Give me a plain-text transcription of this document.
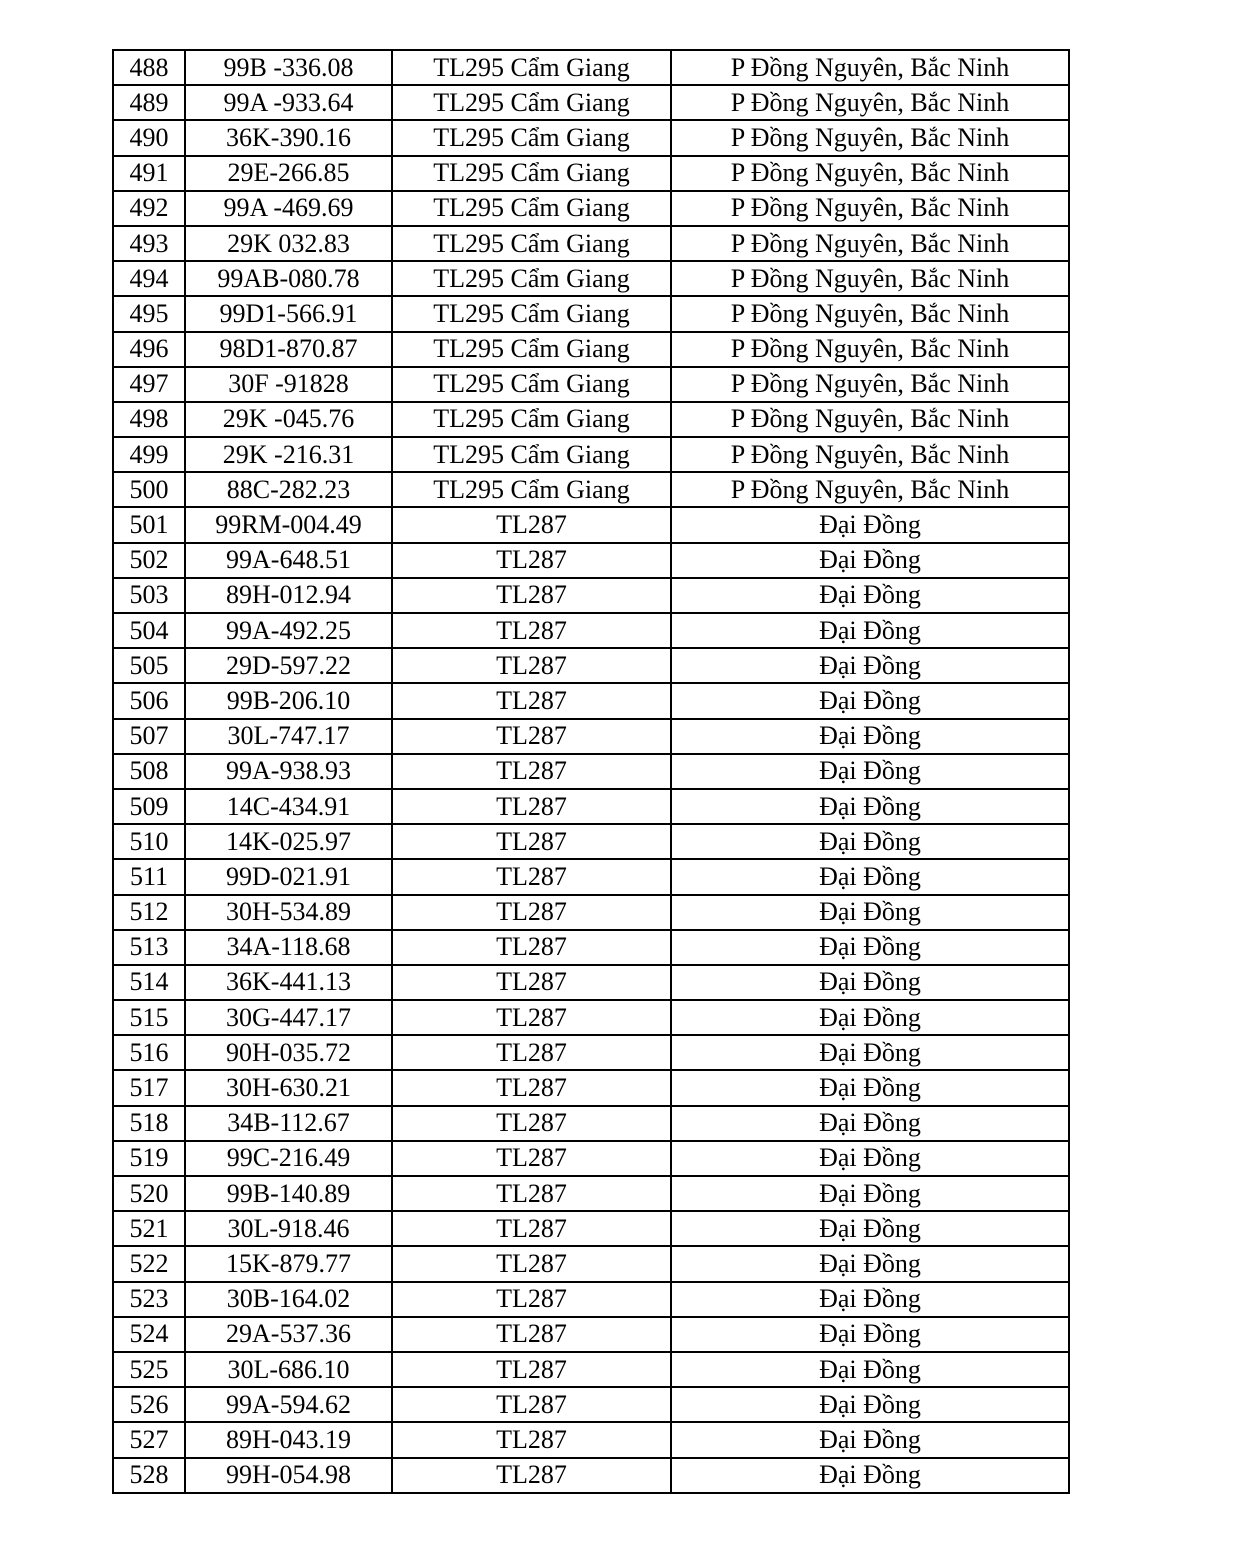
488	99B -336.08	TL295 Cẩm Giang	P Đồng Nguyên, Bắc Ninh
489	99A -933.64	TL295 Cẩm Giang	P Đồng Nguyên, Bắc Ninh
490	36K-390.16	TL295 Cẩm Giang	P Đồng Nguyên, Bắc Ninh
491	29E-266.85	TL295 Cẩm Giang	P Đồng Nguyên, Bắc Ninh
492	99A -469.69	TL295 Cẩm Giang	P Đồng Nguyên, Bắc Ninh
493	29K 032.83	TL295 Cẩm Giang	P Đồng Nguyên, Bắc Ninh
494	99AB-080.78	TL295 Cẩm Giang	P Đồng Nguyên, Bắc Ninh
495	99D1-566.91	TL295 Cẩm Giang	P Đồng Nguyên, Bắc Ninh
496	98D1-870.87	TL295 Cẩm Giang	P Đồng Nguyên, Bắc Ninh
497	30F -91828	TL295 Cẩm Giang	P Đồng Nguyên, Bắc Ninh
498	29K -045.76	TL295 Cẩm Giang	P Đồng Nguyên, Bắc Ninh
499	29K -216.31	TL295 Cẩm Giang	P Đồng Nguyên, Bắc Ninh
500	88C-282.23	TL295 Cẩm Giang	P Đồng Nguyên, Bắc Ninh
501	99RM-004.49	TL287	Đại Đồng
502	99A-648.51	TL287	Đại Đồng
503	89H-012.94	TL287	Đại Đồng
504	99A-492.25	TL287	Đại Đồng
505	29D-597.22	TL287	Đại Đồng
506	99B-206.10	TL287	Đại Đồng
507	30L-747.17	TL287	Đại Đồng
508	99A-938.93	TL287	Đại Đồng
509	14C-434.91	TL287	Đại Đồng
510	14K-025.97	TL287	Đại Đồng
511	99D-021.91	TL287	Đại Đồng
512	30H-534.89	TL287	Đại Đồng
513	34A-118.68	TL287	Đại Đồng
514	36K-441.13	TL287	Đại Đồng
515	30G-447.17	TL287	Đại Đồng
516	90H-035.72	TL287	Đại Đồng
517	30H-630.21	TL287	Đại Đồng
518	34B-112.67	TL287	Đại Đồng
519	99C-216.49	TL287	Đại Đồng
520	99B-140.89	TL287	Đại Đồng
521	30L-918.46	TL287	Đại Đồng
522	15K-879.77	TL287	Đại Đồng
523	30B-164.02	TL287	Đại Đồng
524	29A-537.36	TL287	Đại Đồng
525	30L-686.10	TL287	Đại Đồng
526	99A-594.62	TL287	Đại Đồng
527	89H-043.19	TL287	Đại Đồng
528	99H-054.98	TL287	Đại Đồng
